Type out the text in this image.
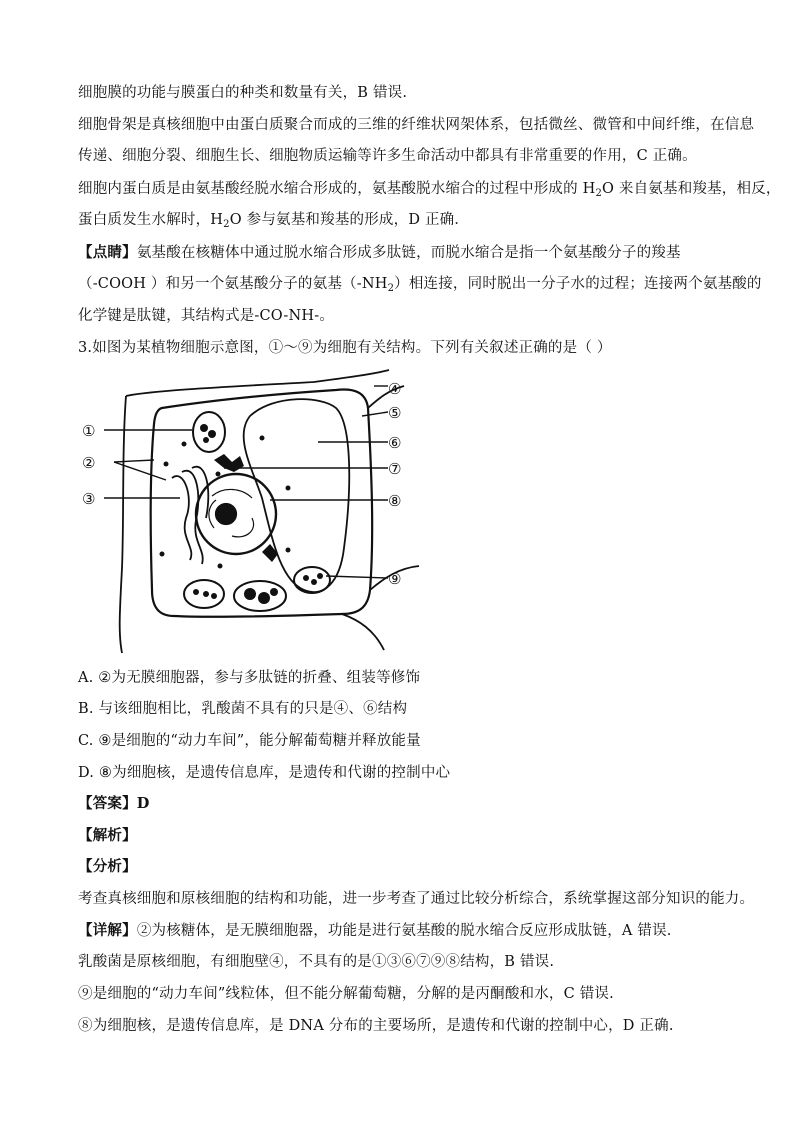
细胞膜的功能与膜蛋白的种类和数量有关，B 错误.
细胞骨架是真核细胞中由蛋白质聚合而成的三维的纤维状网架体系，包括微丝、微管和中间纤维，在信息
传递、细胞分裂、细胞生长、细胞物质运输等许多生命活动中都具有非常重要的作用，C 正确。
细胞内蛋白质是由氨基酸经脱水缩合形成的，氨基酸脱水缩合的过程中形成的 $H_2O$ 来自氨基和羧基，相反，
蛋白质发生水解时，$H_2O$ 参与氨基和羧基的形成，D 正确．
【点睛】氨基酸在核糖体中通过脱水缩合形成多肽链，而脱水缩合是指一个氨基酸分子的羧基
（-COOH ）和另一个氨基酸分子的氨基$(-NH_2)$相连接，同时脱出一分子水的过程；连接两个氨基酸的
化学键是肽键，其结构式是-CO-NH-。
3.如图为某植物细胞示意图，①～⑨为细胞有关结构。下列有关叙述正确的是（ ）
①
②
③
④
⑤
⑥
⑦
⑧
⑨
A. ②为无膜细胞器，参与多肽链的折叠、组装等修饰
B. 与该细胞相比，乳酸菌不具有的只是④、⑥结构
C. ⑨是细胞的“动力车间”，能分解葡萄糖并释放能量
D. ⑧为细胞核，是遗传信息库，是遗传和代谢的控制中心
【答案】D
【解析】
【分析】
考查真核细胞和原核细胞的结构和功能，进一步考查了通过比较分析综合，系统掌握这部分知识的能力。
【详解】②为核糖体，是无膜细胞器，功能是进行氨基酸的脱水缩合反应形成肽链，A 错误.
乳酸菌是原核细胞，有细胞壁④，不具有的是①③⑥⑦⑨⑧结构，B 错误.
⑨是细胞的“动力车间”线粒体，但不能分解葡萄糖，分解的是丙酮酸和水，C 错误.
⑧为细胞核，是遗传信息库，是 DNA 分布的主要场所，是遗传和代谢的控制中心，D 正确.
